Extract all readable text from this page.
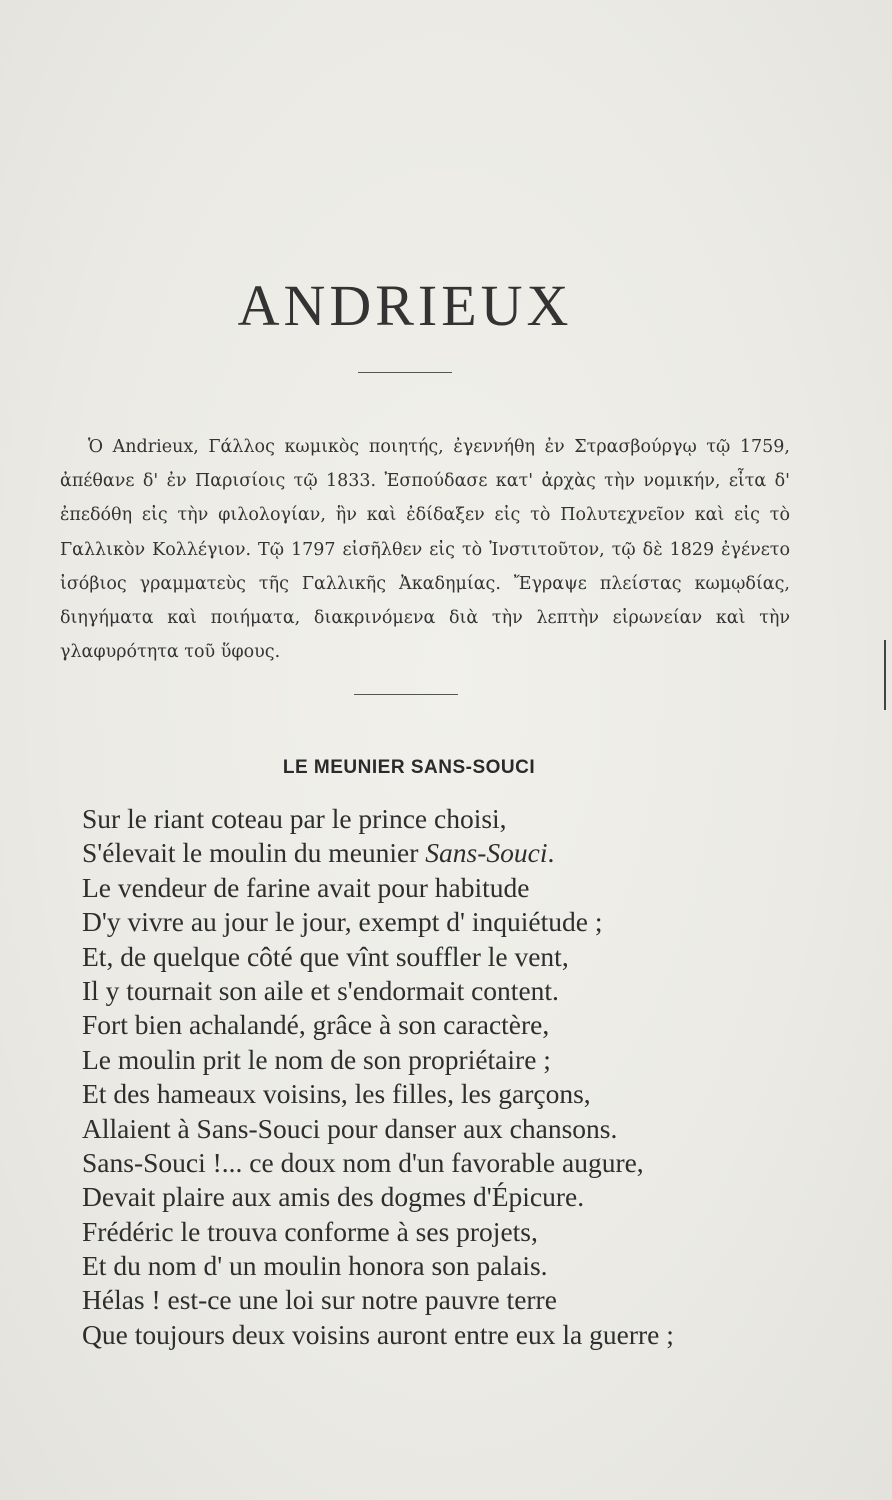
ANDRIEUX

Ὁ Andrieux, Γάλλος κωμικὸς ποιητής, ἐγεννήθη ἐν Στρασβούργῳ τῷ 1759, ἀπέθανε δ' ἐν Παρισίοις τῷ 1833. Ἐσπούδασε κατ' ἀρχὰς τὴν νομικήν, εἶτα δ' ἐπεδόθη εἰς τὴν φιλολογίαν, ἣν καὶ ἐδίδαξεν εἰς τὸ Πολυτεχνεῖον καὶ εἰς τὸ Γαλλικὸν Κολλέγιον. Τῷ 1797 εἰσῆλθεν εἰς τὸ Ἰνστιτοῦτον, τῷ δὲ 1829 ἐγένετο ἰσόβιος γραμματεὺς τῆς Γαλλικῆς Ἀκαδημίας. Ἔγραψε πλείστας κωμῳδίας, διηγήματα καὶ ποιήματα, διακρινόμενα διὰ τὴν λεπτὴν εἰρωνείαν καὶ τὴν γλαφυρότητα τοῦ ὕφους.

LE MEUNIER SANS-SOUCI
Sur le riant coteau par le prince choisi,
S'élevait le moulin du meunier Sans-Souci.
Le vendeur de farine avait pour habitude
D'y vivre au jour le jour, exempt d' inquiétude ;
Et, de quelque côté que vînt souffler le vent,
Il y tournait son aile et s'endormait content.
Fort bien achalandé, grâce à son caractère,
Le moulin prit le nom de son propriétaire ;
Et des hameaux voisins, les filles, les garçons,
Allaient à Sans-Souci pour danser aux chansons.
Sans-Souci !... ce doux nom d'un favorable augure,
Devait plaire aux amis des dogmes d'Épicure.
Frédéric le trouva conforme à ses projets,
Et du nom d' un moulin honora son palais.
Hélas ! est-ce une loi sur notre pauvre terre
Que toujours deux voisins auront entre eux la guerre ;
